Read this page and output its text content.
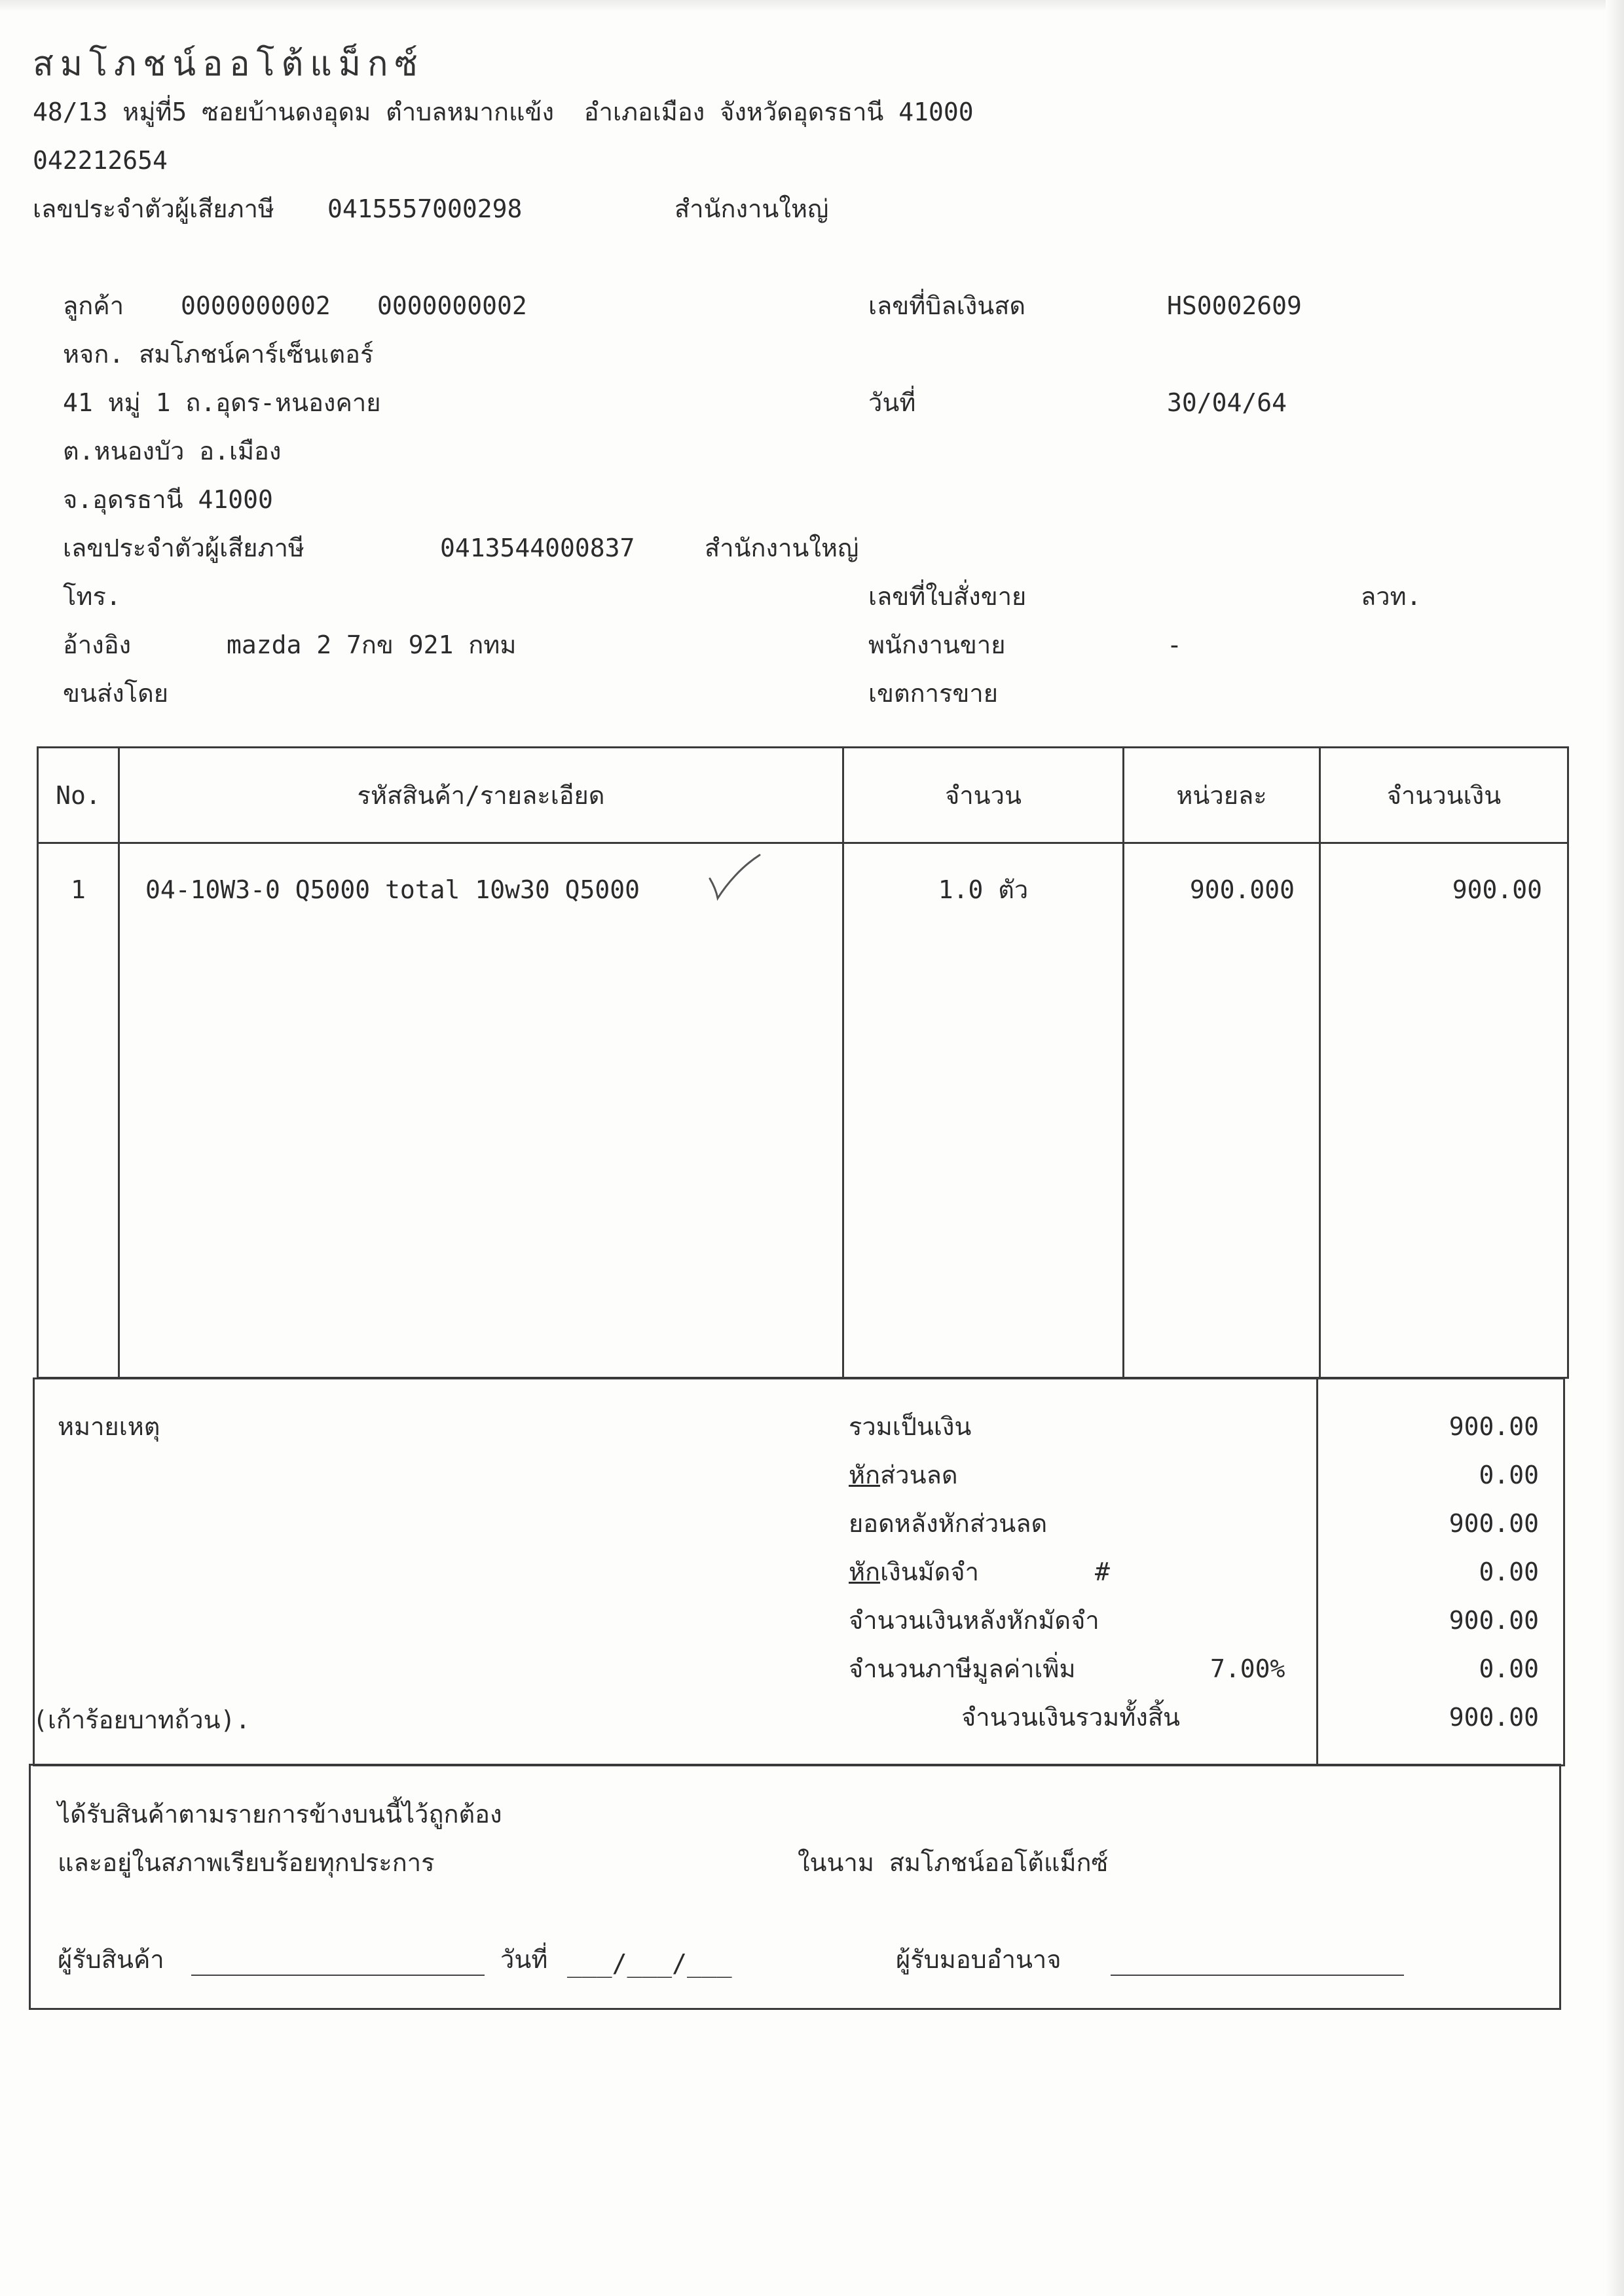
สมโภชน์ออโต้แม็กซ์
48/13 หมู่ที่5 ซอยบ้านดงอุดม ตำบลหมากแข้ง  อำเภอเมือง จังหวัดอุดรธานี 41000
042212654
เลขประจำตัวผู้เสียภาษี 0415557000298	สำนักงานใหญ่
ลูกค้า 0000000002 0000000002
หจก. สมโภชน์คาร์เซ็นเตอร์
41 หมู่ 1 ถ.อุดร-หนองคาย
ต.หนองบัว อ.เมือง
จ.อุดรธานี 41000
เลขประจำตัวผู้เสียภาษี	0413544000837	สำนักงานใหญ่
โทร.
อ้างอิง	mazda 2 7กข 921 กทม
ขนส่งโดย
เลขที่บิลเงินสด	HS0002609
วันที่	30/04/64
เลขที่ใบสั่งขาย	ลวท.
พนักงานขาย	-
เขตการขาย
No.	รหัสสินค้า/รายละเอียด	จำนวน	หน่วยละ	จำนวนเงิน
1	04-10W3-0 Q5000 total 10w30 Q5000	1.0 ตัว	900.000	900.00
หมายเหตุ
(เก้าร้อยบาทถ้วน).
รวมเป็นเงิน	900.00
หักส่วนลด	0.00
ยอดหลังหักส่วนลด	900.00
หักเงินมัดจำ	#	0.00
จำนวนเงินหลังหักมัดจำ	900.00
จำนวนภาษีมูลค่าเพิ่ม	7.00%	0.00
จำนวนเงินรวมทั้งสิ้น	900.00
ได้รับสินค้าตามรายการข้างบนนี้ไว้ถูกต้อง
และอยู่ในสภาพเรียบร้อยทุกประการ	ในนาม สมโภชน์ออโต้แม็กซ์
ผู้รับสินค้า	วันที่ ___/___/___	ผู้รับมอบอำนาจ
